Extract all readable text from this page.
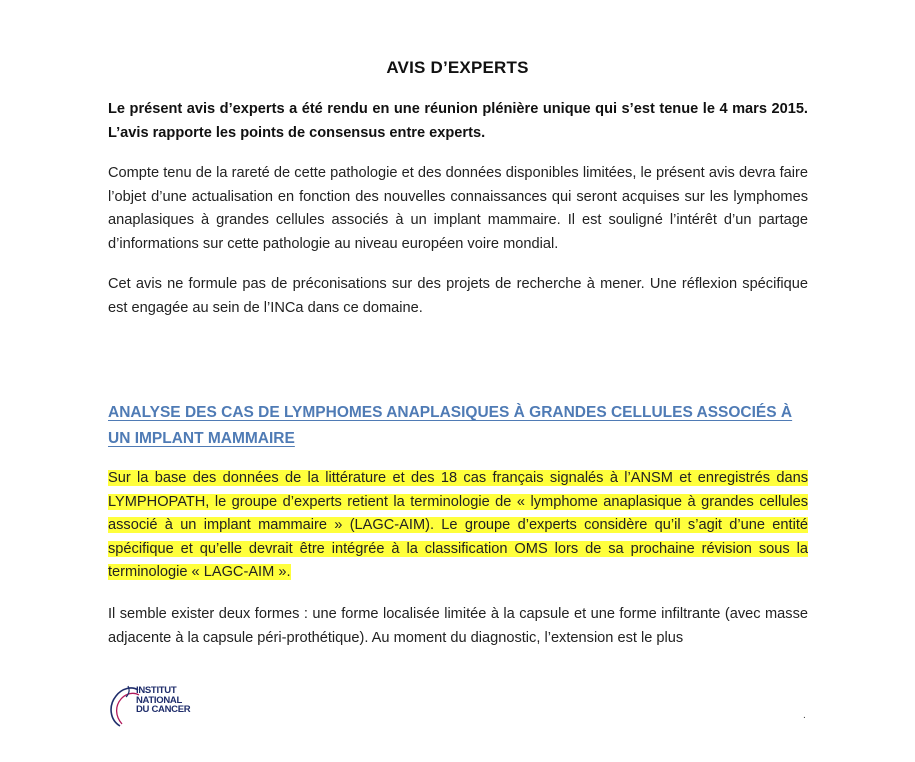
AVIS D’EXPERTS

Le présent avis d’experts a été rendu en une réunion plénière unique qui s’est tenue le 4 mars 2015. L’avis rapporte les points de consensus entre experts.

Compte tenu de la rareté de cette pathologie et des données disponibles limitées, le présent avis devra faire l’objet d’une actualisation en fonction des nouvelles connaissances qui seront acquises sur les lymphomes anaplasiques à grandes cellules associés à un implant mammaire. Il est souligné l’intérêt d’un partage d’informations sur cette pathologie au niveau européen voire mondial.

Cet avis ne formule pas de préconisations sur des projets de recherche à mener. Une réflexion spécifique est engagée au sein de l’INCa dans ce domaine.

ANALYSE DES CAS DE LYMPHOMES ANAPLASIQUES À GRANDES CELLULES ASSOCIÉS À UN IMPLANT MAMMAIRE

Sur la base des données de la littérature et des 18 cas français signalés à l’ANSM et enregistrés dans LYMPHOPATH, le groupe d’experts retient la terminologie de « lymphome anaplasique à grandes cellules associé à un implant mammaire » (LAGC-AIM). Le groupe d’experts considère qu’il s’agit d’une entité spécifique et qu’elle devrait être intégrée à la classification OMS lors de sa prochaine révision sous la terminologie « LAGC-AIM ».

Il semble exister deux formes : une forme localisée limitée à la capsule et une forme infiltrante (avec masse adjacente à la capsule péri-prothétique). Au moment du diagnostic, l’extension est le plus

INSTITUT
NATIONAL
DU CANCER
.
